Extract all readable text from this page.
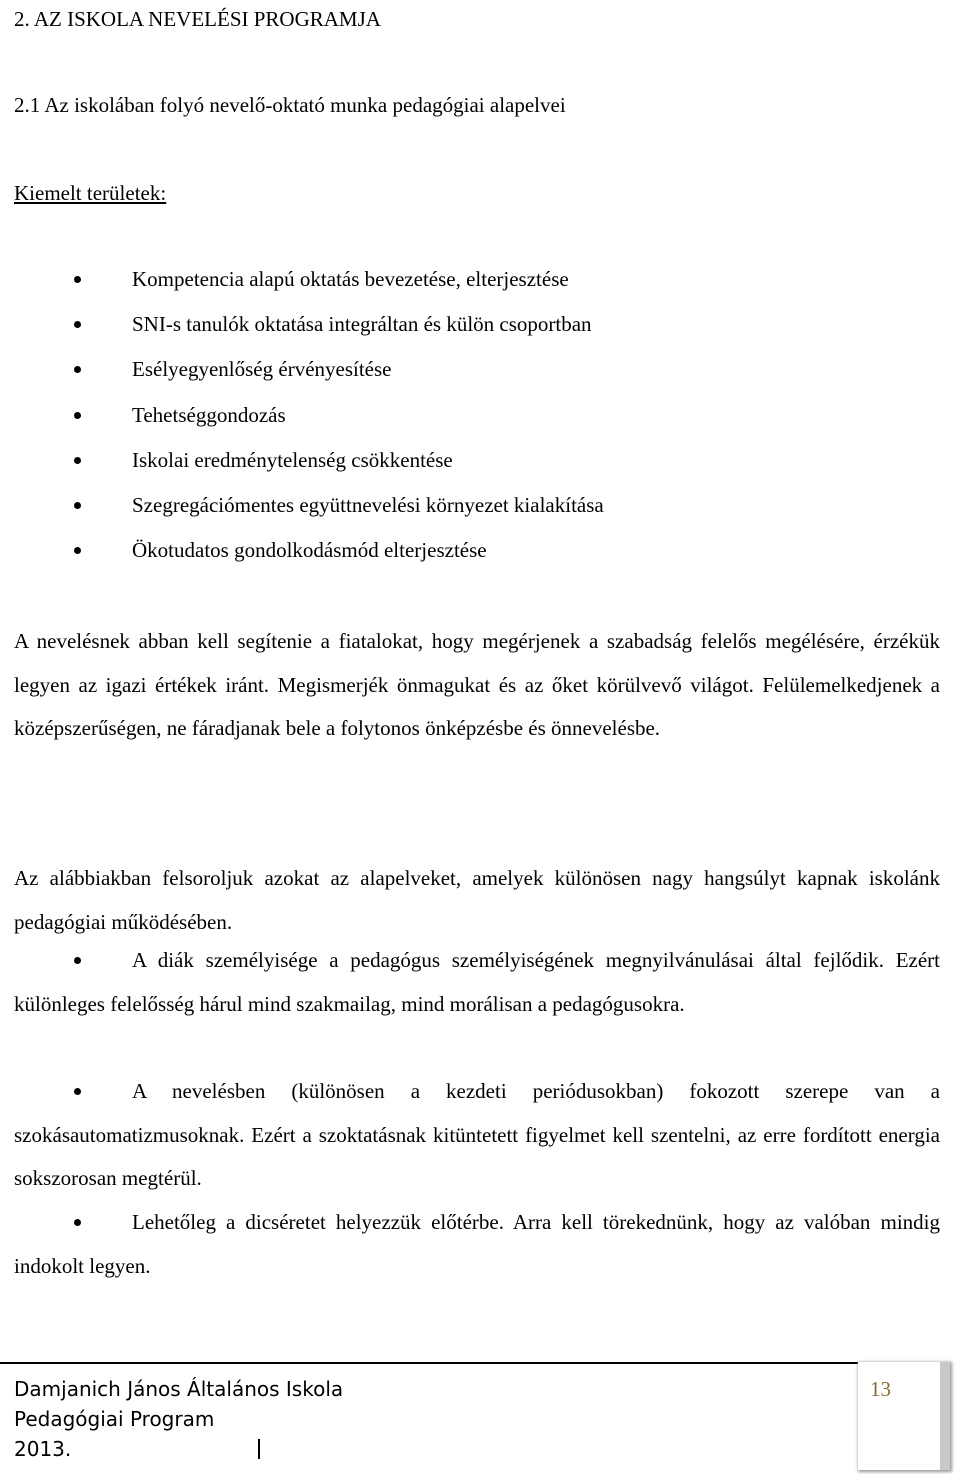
2. AZ ISKOLA NEVELÉSI PROGRAMJA
2.1 Az iskolában folyó nevelő-oktató munka pedagógiai alapelvei
Kiemelt területek:
Kompetencia alapú oktatás bevezetése, elterjesztése
SNI-s tanulók oktatása integráltan és külön csoportban
Esélyegyenlőség érvényesítése
Tehetséggondozás
Iskolai eredménytelenség csökkentése
Szegregációmentes együttnevelési környezet kialakítása
Ökotudatos gondolkodásmód elterjesztése

A nevelésnek abban kell segítenie a fiatalokat, hogy megérjenek a szabadság felelős megélésére, érzékük legyen az igazi értékek iránt. Megismerjék önmagukat és az őket körülvevő világot. Felülemelkedjenek a középszerűségen, ne fáradjanak bele a folytonos önképzésbe és önnevelésbe.

Az alábbiakban felsoroljuk azokat az alapelveket, amelyek különösen nagy hangsúlyt kapnak iskolánk pedagógiai működésében.

A diák személyisége a pedagógus személyiségének megnyilvánulásai által fejlődik. Ezért különleges felelősség hárul mind szakmailag, mind morálisan a pedagógusokra.

A nevelésben (különösen a kezdeti periódusokban) fokozott szerepe van a szokásautomatizmusoknak. Ezért a szoktatásnak kitüntetett figyelmet kell szentelni, az erre fordított energia sokszorosan megtérül.

Lehetőleg a dicséretet helyezzük előtérbe. Arra kell törekednünk, hogy az valóban mindig indokolt legyen.

Damjanich János Általános Iskola
Pedagógiai Program
2013.
13
